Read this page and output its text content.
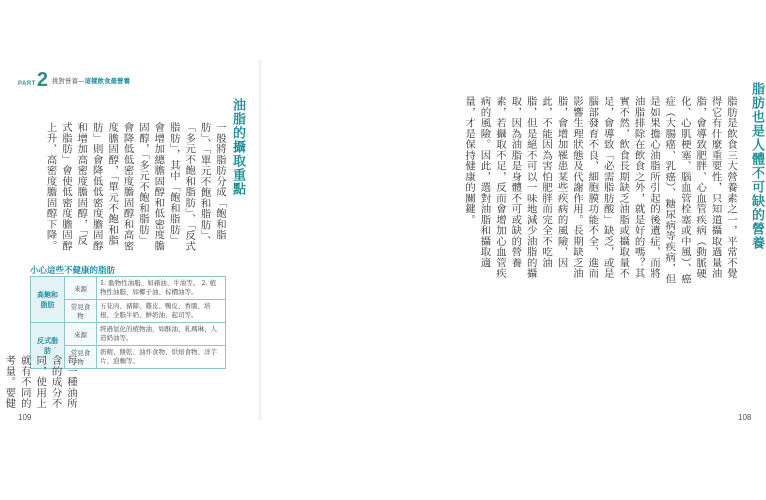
PART 2 挑對營養—這樣飲食最營養
油脂的攝取重點
一般將脂肪分成「飽和脂肪」、「單元不飽和脂肪」、「多元不飽和脂肪」、「反式脂肪」，其中「飽和脂肪」會增加總膽固醇和低密度膽固醇，「多元不飽和脂肪」會降低低密度膽固醇和高密度膽固醇，「單元不飽和脂肪」則會降低低密度膽固醇和增加高密度膽固醇，「反式脂肪」會使低密度膽固醇上升、高密度膽固醇下降。
小心這些不健康的脂肪
高飽和脂肪	來源	1. 動物性油脂，如豬油、牛油等。 2. 植物性油脂，如椰子油、棕櫚油等。
	常見食物	五花肉、豬蹄、雞皮、鴨皮、香腸、培根、全脂牛奶、鮮奶油、起司等。
反式脂肪	來源	經過氫化的植物油，如酥油、乳瑪琳、人造奶油等。
	常見食物	奶精、餅乾、油炸食物、烘焙食物、洋芋片、泡麵等。
每一種油所含的成分不同，使用上就有不同的考量。要健
109
脂肪也是人體不可缺的營養
脂肪是飲食三大營養素之一，平常不覺得它有什麼重要性，只知道攝取過量油脂，會導致肥胖、心血管疾病（動脈硬化、心肌梗塞、腦血管栓塞或中風）、癌症（大腸癌、乳癌）、糖尿病等疾病，但是如果擔心油脂所引起的後遺症，而將油脂排除在飲食之外，就是好的嗎？其實不然，飲食長期缺乏油脂或攝取量不足，會導致「必需脂肪酸」缺乏，或是腦部發育不良、細胞膜功能不全、進而影響生理狀態及代謝作用。長期缺乏油脂，會增加罹患某些疾病的風險，因此，不能因為害怕肥胖而完全不吃油脂，但是絕不可以一味地減少油脂的攝取，因為油脂是身體不可或缺的營養素，若攝取不足，反而會增加心血管疾病的風險。因此，選對油脂和攝取適量，才是保持健康的關鍵。
108
